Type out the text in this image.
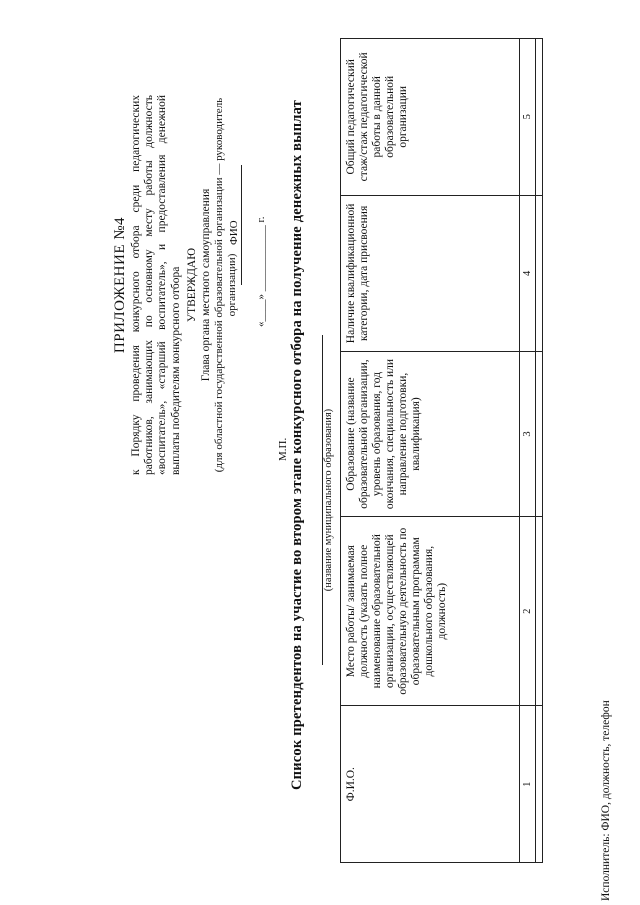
ПРИЛОЖЕНИЕ №4 к Порядку проведения конкурсного отбора среди педагогических работников, занимающих по основному месту работы должность «воспитатель», «старший воспитатель», и предоставления денежной выплаты победителям конкурсного отбора УТВЕРЖДАЮ Глава органа местного самоуправления (для областной государственной образовательной организации — руководитель организации)
ФИО «____» ____________ г.
М.П. Список претендентов на участие во втором этапе конкурсного отбора на получение денежных выплат (название муниципального образования)
Ф.И.О.	Место работы/ занимаемая должность (указать полное наименование образовательной организации, осуществляющей образовательную деятельность по образовательным программам дошкольного образования, должность)	Образование (название образовательной организации, уровень образования, год окончания, специальность или направление подготовки, квалификация)	Наличие квалификационной категории, дата присвоения	Общий педагогический стаж/стаж педагогической работы в данной образовательной организации
1	2	3	4	5

Исполнитель: ФИО, должность, телефон
